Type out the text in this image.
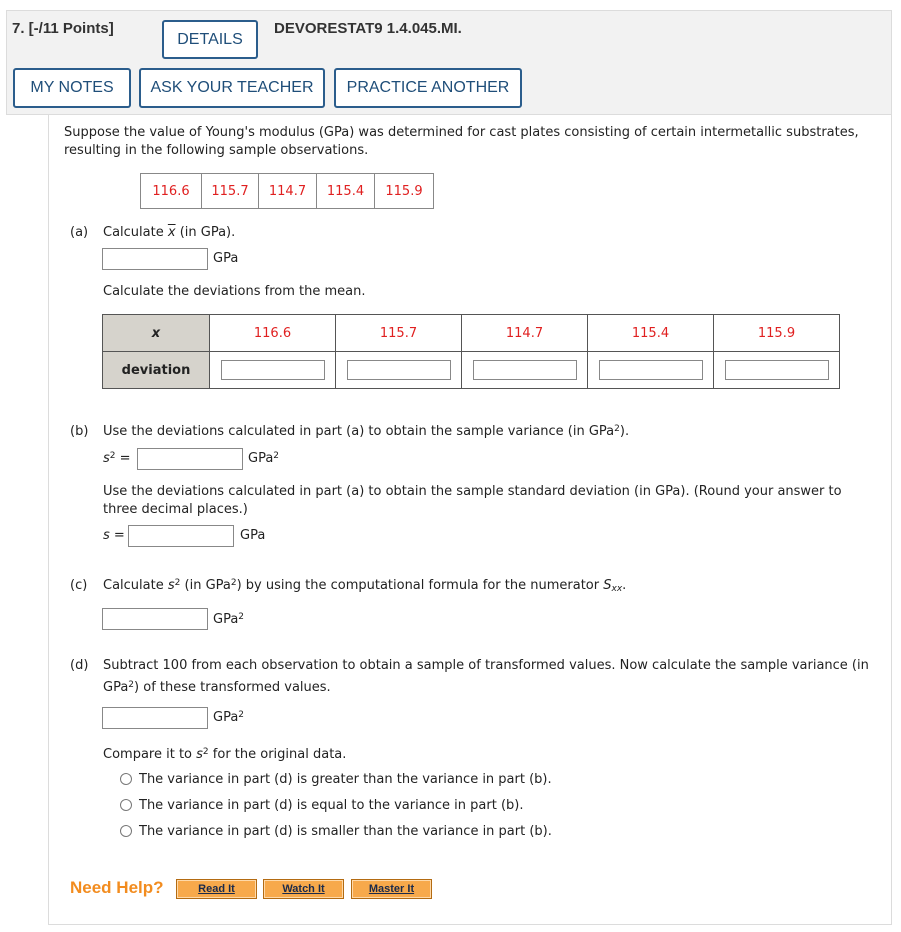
7. [-/11 Points]
DETAILS
DEVORESTAT9 1.4.045.MI.
MY NOTES	ASK YOUR TEACHER	PRACTICE ANOTHER
Suppose the value of Young's modulus (GPa) was determined for cast plates consisting of certain intermetallic substrates,
resulting in the following sample observations.
116.6	115.7	114.7	115.4	115.9
(a) Calculate $\overline{x}$ (in GPa).
GPa
Calculate the deviations from the mean.
x	116.6	115.7	114.7	115.4	115.9
deviation					
(b) Use the deviations calculated in part (a) to obtain the sample variance (in GPa$^2$).
$s^2$ =	GPa$^2$
Use the deviations calculated in part (a) to obtain the sample standard deviation (in GPa). (Round your answer to
three decimal places.)
s =	GPa
(c) Calculate $s^2$ (in GPa$^2$) by using the computational formula for the numerator $S_{xx}$.
GPa$^2$
(d) Subtract 100 from each observation to obtain a sample of transformed values. Now calculate the sample variance (in
GPa$^2$) of these transformed values.
GPa$^2$
Compare it to $s^2$ for the original data.
The variance in part (d) is greater than the variance in part (b).
The variance in part (d) is equal to the variance in part (b).
The variance in part (d) is smaller than the variance in part (b).
Need Help?	Read It	Watch It	Master It
